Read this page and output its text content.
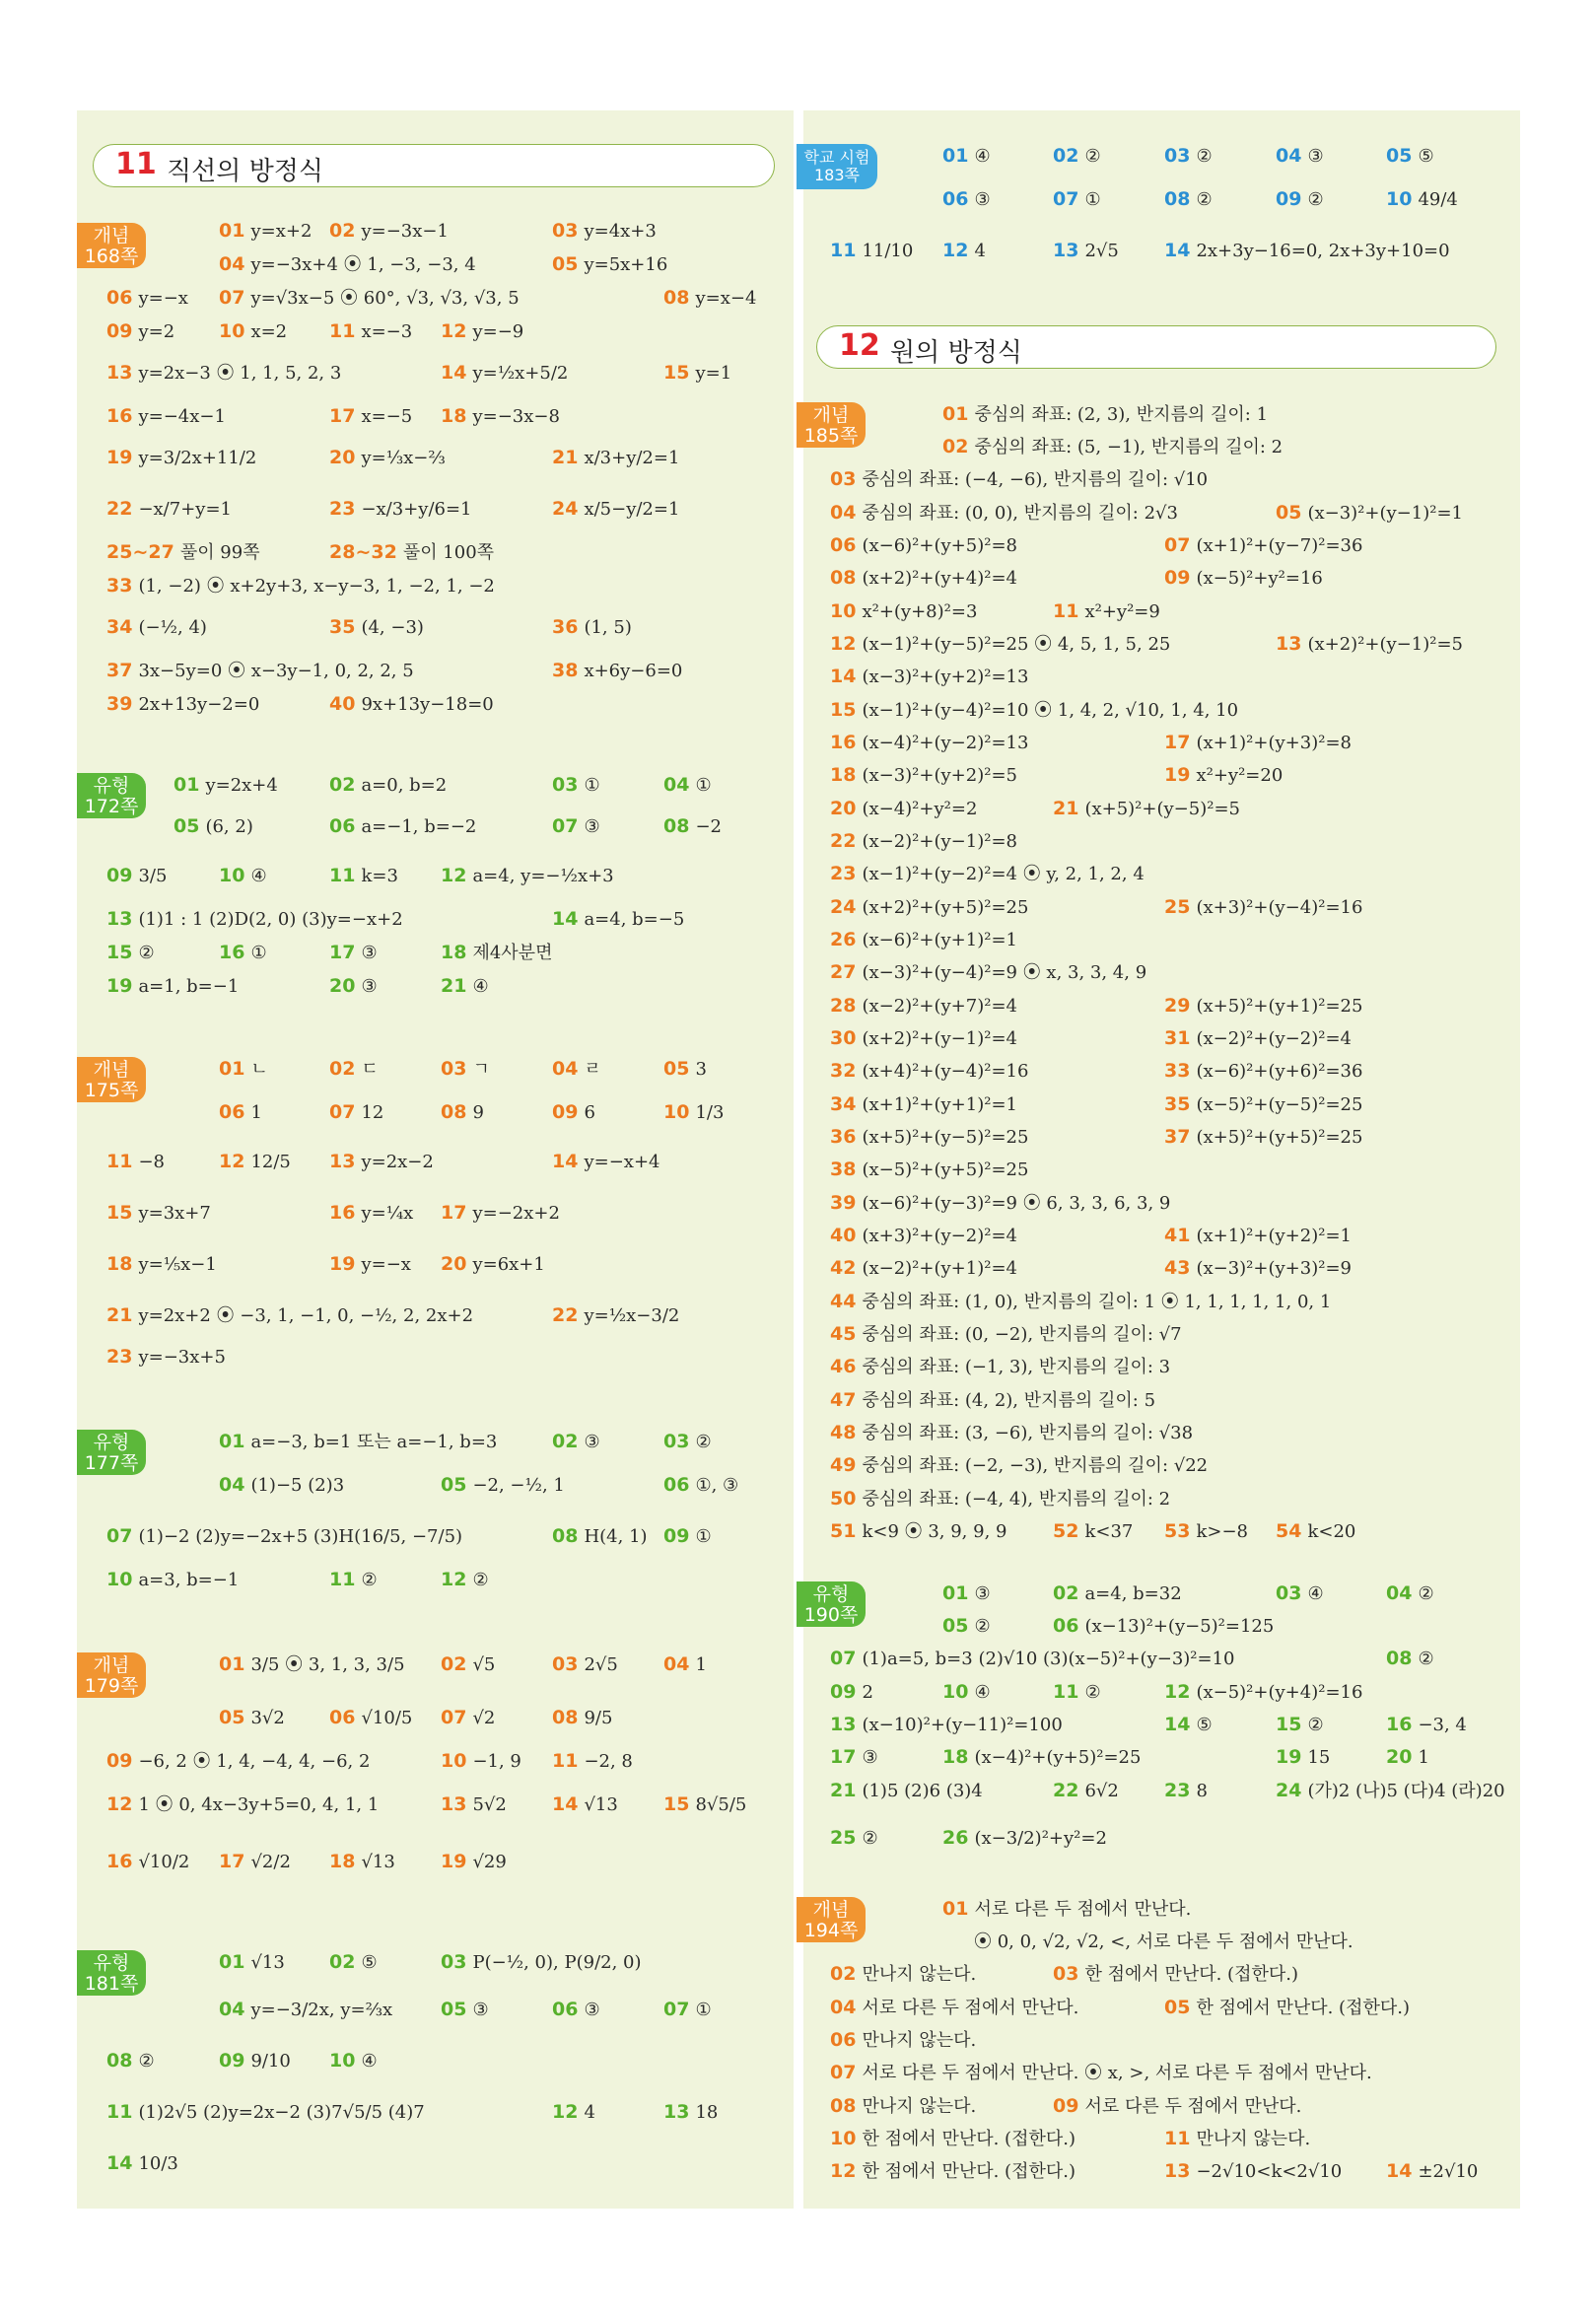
11 직선의 방정식
12 원의 방정식
개념
168쪽
유형
172쪽
개념
175쪽
유형
177쪽
개념
179쪽
유형
181쪽
학교 시험
183쪽
개념
185쪽
유형
190쪽
개념
194쪽
01 y=x+2 02 y=−3x−1	03 y=4x+3
04 y=−3x+4 ⦿ 1, −3, −3, 4	05 y=5x+16
06 y=−x 07 y=√3x−5 ⦿ 60°, √3, √3, √3, 5	08 y=x−4
09 y=2 10 x=2 11 x=−3 12 y=−9
13 y=2x−3 ⦿ 1, 1, 5, 2, 3	14 y=½x+5/2	15 y=1
16 y=−4x−1	17 x=−5 18 y=−3x−8
19 y=3/2x+11/2	20 y=⅓x−⅔	21 x/3+y/2=1
22 −x/7+y=1	23 −x/3+y/6=1	24 x/5−y/2=1
25~27 풀이 99쪽	28~32 풀이 100쪽
33 (1, −2) ⦿ x+2y+3, x−y−3, 1, −2, 1, −2
34 (−½, 4)	35 (4, −3)	36 (1, 5)
37 3x−5y=0 ⦿ x−3y−1, 0, 2, 2, 5	38 x+6y−6=0
39 2x+13y−2=0	40 9x+13y−18=0
01 y=2x+4	02 a=0, b=2	03 ①	04 ①
05 (6, 2)	06 a=−1, b=−2	07 ③	08 −2
09 3/5	10 ④	11 k=3 12 a=4, y=−½x+3
13 (1)1 : 1 (2)D(2, 0) (3)y=−x+2	14 a=4, b=−5
15 ②	16 ①	17 ③	18 제4사분면
19 a=1, b=−1	20 ③	21 ④
01 ㄴ	02 ㄷ	03 ㄱ	04 ㄹ	05 3
06 1	07 12	08 9	09 6	10 1/3
11 −8	12 12/5 13 y=2x−2	14 y=−x+4
15 y=3x+7	16 y=¼x 17 y=−2x+2
18 y=⅕x−1	19 y=−x 20 y=6x+1
21 y=2x+2 ⦿ −3, 1, −1, 0, −½, 2, 2x+2	22 y=½x−3/2
23 y=−3x+5
01 a=−3, b=1 또는 a=−1, b=3	02 ③	03 ②
04 (1)−5 (2)3	05 −2, −½, 1	06 ①, ③
07 (1)−2 (2)y=−2x+5 (3)H(16/5, −7/5)	08 H(4, 1) 09 ①
10 a=3, b=−1	11 ②	12 ②
01 3/5 ⦿ 3, 1, 3, 3/5 02 √5	03 2√5 04 1
05 3√2 06 √10/5 07 √2	08 9/5
09 −6, 2 ⦿ 1, 4, −4, 4, −6, 2	10 −1, 9 11 −2, 8
12 1 ⦿ 0, 4x−3y+5=0, 4, 1, 1	13 5√2 14 √13 15 8√5/5
16 √10/2 17 √2/2 18 √13 19 √29
01 √13 02 ⑤	03 P(−½, 0), P(9/2, 0)
04 y=−3/2x, y=⅔x	05 ③	06 ③	07 ①
08 ②	09 9/10 10 ④
11 (1)2√5 (2)y=2x−2 (3)7√5/5 (4)7	12 4	13 18
14 10/3
01 ④	02 ②	03 ②	04 ③	05 ⑤
06 ③	07 ①	08 ②	09 ②	10 49/4
11 11/10 12 4	13 2√5 14 2x+3y−16=0, 2x+3y+10=0
01 중심의 좌표: (2, 3), 반지름의 길이: 1
02 중심의 좌표: (5, −1), 반지름의 길이: 2
03 중심의 좌표: (−4, −6), 반지름의 길이: √10
04 중심의 좌표: (0, 0), 반지름의 길이: 2√3	05 (x−3)²+(y−1)²=1
06 (x−6)²+(y+5)²=8	07 (x+1)²+(y−7)²=36
08 (x+2)²+(y+4)²=4	09 (x−5)²+y²=16
10 x²+(y+8)²=3	11 x²+y²=9
12 (x−1)²+(y−5)²=25 ⦿ 4, 5, 1, 5, 25	13 (x+2)²+(y−1)²=5
14 (x−3)²+(y+2)²=13
15 (x−1)²+(y−4)²=10 ⦿ 1, 4, 2, √10, 1, 4, 10
16 (x−4)²+(y−2)²=13	17 (x+1)²+(y+3)²=8
18 (x−3)²+(y+2)²=5	19 x²+y²=20
20 (x−4)²+y²=2	21 (x+5)²+(y−5)²=5
22 (x−2)²+(y−1)²=8
23 (x−1)²+(y−2)²=4 ⦿ y, 2, 1, 2, 4
24 (x+2)²+(y+5)²=25	25 (x+3)²+(y−4)²=16
26 (x−6)²+(y+1)²=1
27 (x−3)²+(y−4)²=9 ⦿ x, 3, 3, 4, 9
28 (x−2)²+(y+7)²=4	29 (x+5)²+(y+1)²=25
30 (x+2)²+(y−1)²=4	31 (x−2)²+(y−2)²=4
32 (x+4)²+(y−4)²=16	33 (x−6)²+(y+6)²=36
34 (x+1)²+(y+1)²=1	35 (x−5)²+(y−5)²=25
36 (x+5)²+(y−5)²=25	37 (x+5)²+(y+5)²=25
38 (x−5)²+(y+5)²=25
39 (x−6)²+(y−3)²=9 ⦿ 6, 3, 3, 6, 3, 9
40 (x+3)²+(y−2)²=4	41 (x+1)²+(y+2)²=1
42 (x−2)²+(y+1)²=4	43 (x−3)²+(y+3)²=9
44 중심의 좌표: (1, 0), 반지름의 길이: 1 ⦿ 1, 1, 1, 1, 1, 0, 1
45 중심의 좌표: (0, −2), 반지름의 길이: √7
46 중심의 좌표: (−1, 3), 반지름의 길이: 3
47 중심의 좌표: (4, 2), 반지름의 길이: 5
48 중심의 좌표: (3, −6), 반지름의 길이: √38
49 중심의 좌표: (−2, −3), 반지름의 길이: √22
50 중심의 좌표: (−4, 4), 반지름의 길이: 2
51 k<9 ⦿ 3, 9, 9, 9 52 k<37 53 k>−8 54 k<20
01 ③	02 a=4, b=32	03 ④	04 ②
05 ②	06 (x−13)²+(y−5)²=125
07 (1)a=5, b=3 (2)√10 (3)(x−5)²+(y−3)²=10	08 ②
09 2	10 ④	11 ②	12 (x−5)²+(y+4)²=16
13 (x−10)²+(y−11)²=100	14 ⑤	15 ②	16 −3, 4
17 ③	18 (x−4)²+(y+5)²=25	19 15	20 1
21 (1)5 (2)6 (3)4	22 6√2 23 8	24 (가)2 (나)5 (다)4 (라)20
25 ②	26 (x−3/2)²+y²=2
01 서로 다른 두 점에서 만난다.
⦿ 0, 0, √2, √2, <, 서로 다른 두 점에서 만난다.
02 만나지 않는다.	03 한 점에서 만난다. (접한다.)
04 서로 다른 두 점에서 만난다.	05 한 점에서 만난다. (접한다.)
06 만나지 않는다.
07 서로 다른 두 점에서 만난다. ⦿ x, >, 서로 다른 두 점에서 만난다.
08 만나지 않는다.	09 서로 다른 두 점에서 만난다.
10 한 점에서 만난다. (접한다.)	11 만나지 않는다.
12 한 점에서 만난다. (접한다.)	13 −2√10<k<2√10 14 ±2√10
